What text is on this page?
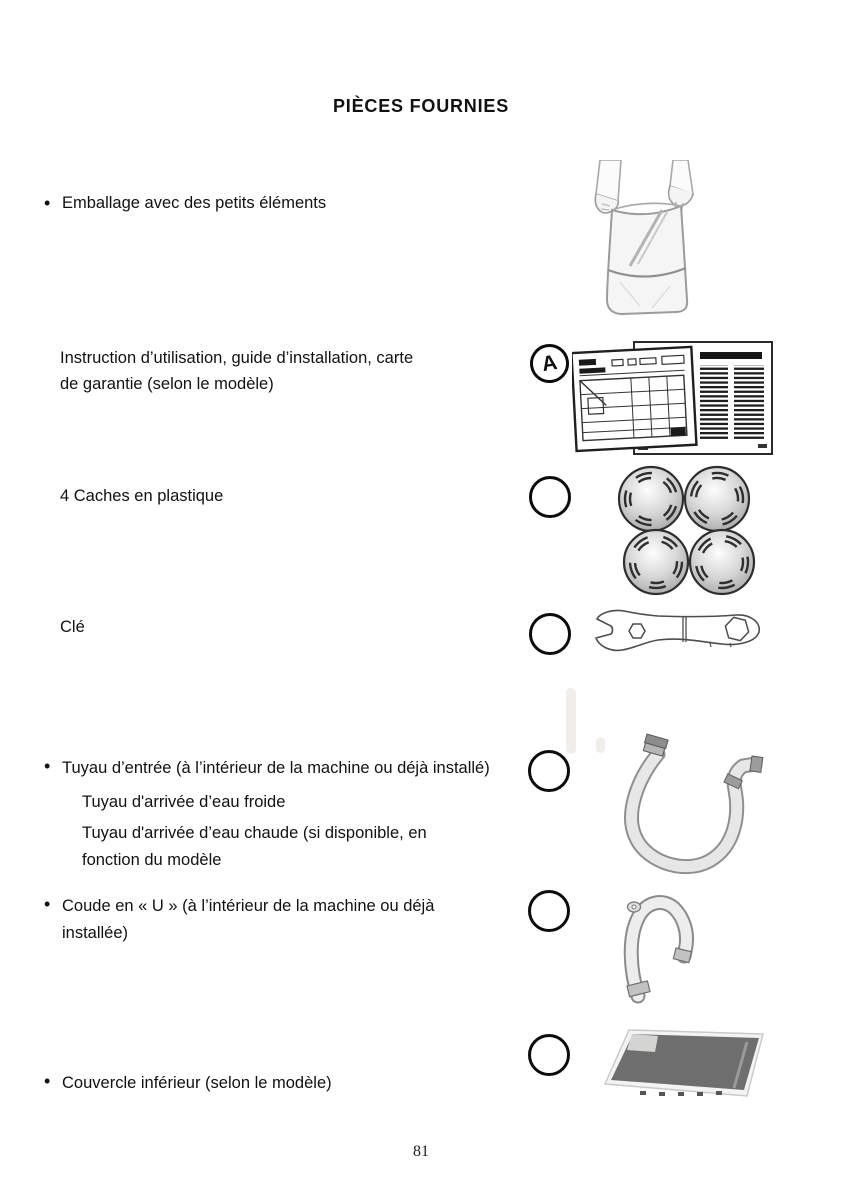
PIÈCES FOURNIES
• Emballage avec des petits éléments
Instruction d’utilisation, guide d’installation, carte de garantie (selon le modèle)
A
4 Caches en plastique
Clé
• Tuyau d’entrée (à l’intérieur de la machine ou déjà installé)
Tuyau d'arrivée d’eau froide
Tuyau d'arrivée d’eau chaude (si disponible, en fonction du modèle
• Coude en « U » (à l’intérieur de la machine ou déjà installée)
• Couvercle inférieur (selon le modèle)
81
